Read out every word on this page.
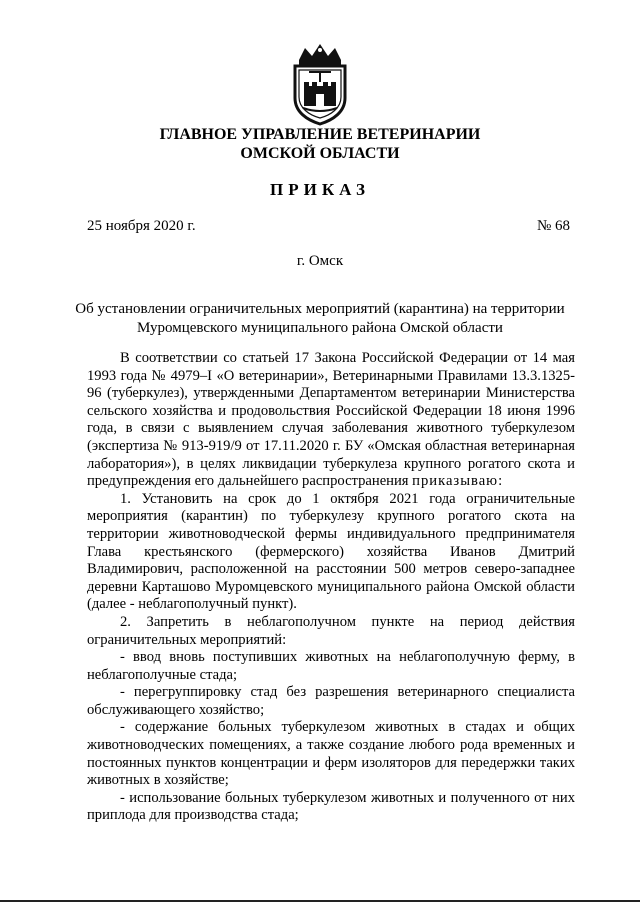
ГЛАВНОЕ УПРАВЛЕНИЕ ВЕТЕРИНАРИИ
ОМСКОЙ ОБЛАСТИ
ПРИКАЗ
25 ноября 2020 г.	№ 68
г. Омск
Об установлении ограничительных мероприятий (карантина) на территории
Муромцевского муниципального района Омской области

В соответствии со статьей 17 Закона Российской Федерации от 14 мая 1993 года № 4979–I «О ветеринарии», Ветеринарными Правилами 13.3.1325-96 (туберкулез), утвержденными Департаментом ветеринарии Министерства сельского хозяйства и продовольствия Российской Федерации 18 июня 1996 года, в связи с выявлением случая заболевания животного туберкулезом (экспертиза № 913-919/9 от 17.11.2020 г. БУ «Омская областная ветеринарная лаборатория»), в целях ликвидации туберкулеза крупного рогатого скота и предупреждения его дальнейшего распространения приказываю:

1. Установить на срок до 1 октября 2021 года ограничительные мероприятия (карантин) по туберкулезу крупного рогатого скота на территории животноводческой фермы индивидуального предпринимателя Глава крестьянского (фермерского) хозяйства Иванов Дмитрий Владимирович, расположенной на расстоянии 500 метров северо-западнее деревни Карташово Муромцевского муниципального района Омской области (далее - неблагополучный пункт).

2. Запретить в неблагополучном пункте на период действия ограничительных мероприятий:

- ввод вновь поступивших животных на неблагополучную ферму, в неблагополучные стада;

- перегруппировку стад без разрешения ветеринарного специалиста обслуживающего хозяйство;

- содержание больных туберкулезом животных в стадах и общих животноводческих помещениях, а также создание любого рода временных и постоянных пунктов концентрации и ферм изоляторов для передержки таких животных в хозяйстве;

- использование больных туберкулезом животных и полученного от них приплода для производства стада;
